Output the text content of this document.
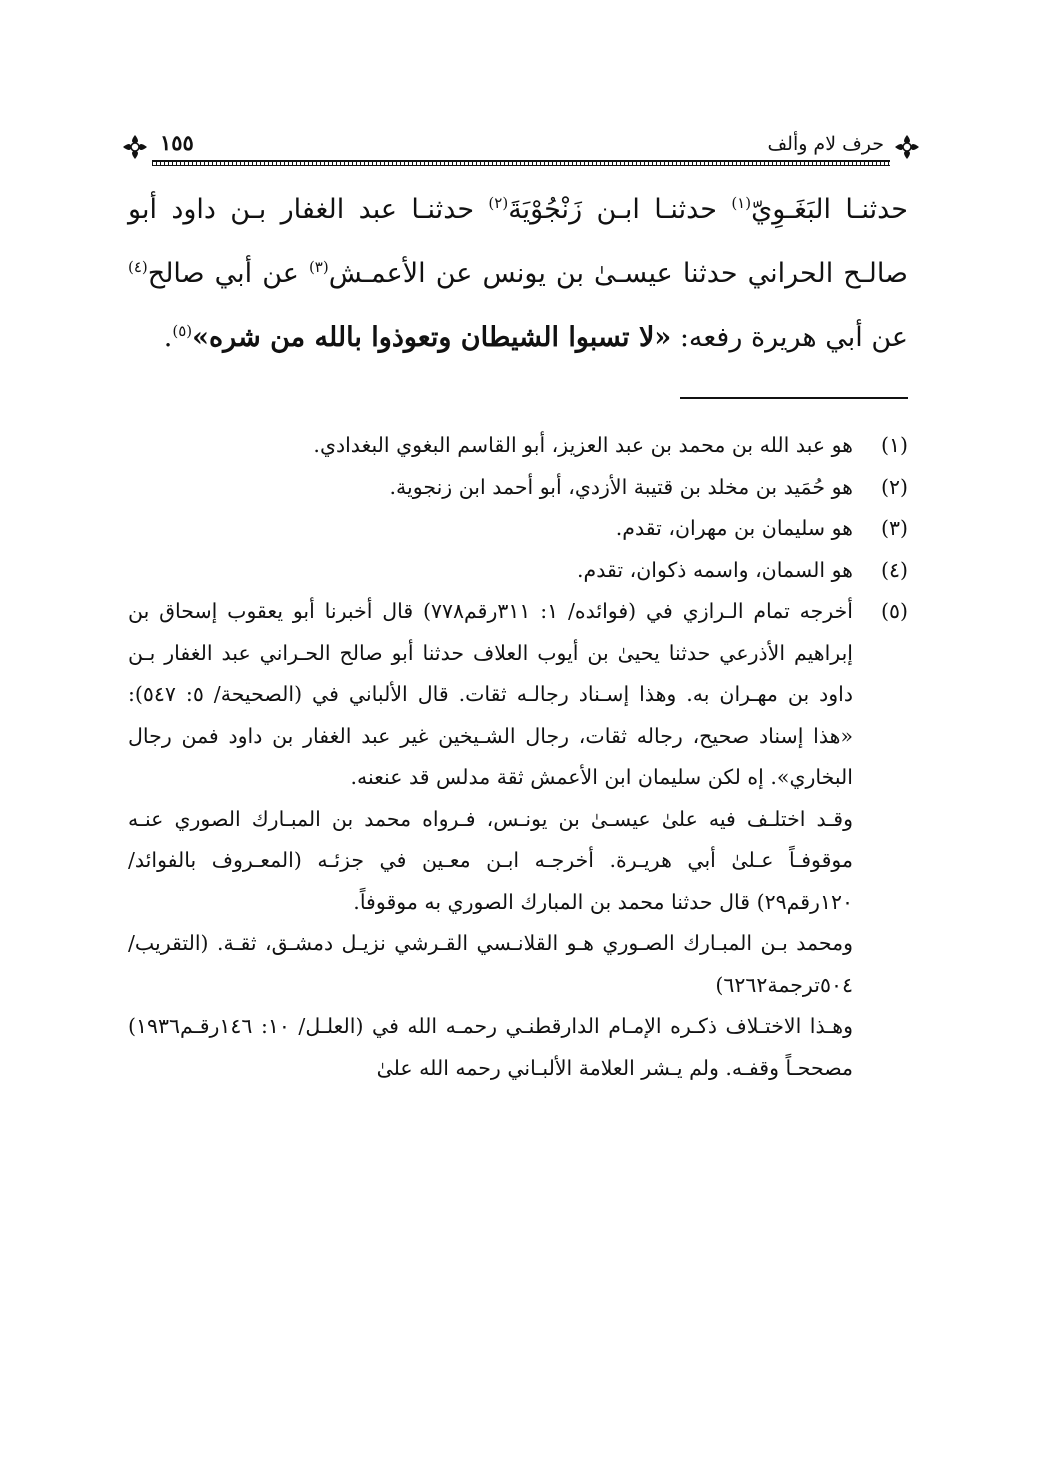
حرف لام وألف
١٥٥

حدثنـا البَغَـوِيّ$^{(١)}$ حدثنـا ابـن زَنْجُوْيَةَ$^{(٢)}$ حدثنـا عبد الغفار بـن داود أبو صالـح الحراني حدثنا عيسـىٰ بن يونس عن الأعمـش$^{(٣)}$ عن أبي صالح$^{(٤)}$ عن أبي هريرة رفعه: «لا تسبوا الشيطان وتعوذوا بالله من شره»$^{(٥)}$.

(١)
هو عبد الله بن محمد بن عبد العزيز، أبو القاسم البغوي البغدادي.
(٢)
هو حُمَيد بن مخلد بن قتيبة الأزدي، أبو أحمد ابن زنجوية.
(٣)
هو سليمان بن مهران، تقدم.
(٤)
هو السمان، واسمه ذكوان، تقدم.
(٥)
أخرجه تمام الـرازي في (فوائده/ ١: ٣١١رقم٧٧٨) قال أخبرنا أبو يعقوب إسحاق بن إبراهيم الأذرعي حدثنا يحيىٰ بن أيوب العلاف حدثنا أبو صالح الحـراني عبد الغفار بـن داود بن مهـران به. وهذا إسـناد رجالـه ثقات. قال الألباني في (الصحيحة/ ٥: ٥٤٧): «هذا إسناد صحيح، رجاله ثقات، رجال الشـيخين غير عبد الغفار بن داود فمن رجال البخاري». إه لكن سليمان ابن الأعمش ثقة مدلس قد عنعنه.

وقـد اختلـف فيه علىٰ عيسـىٰ بن يونـس، فـرواه محمد بن المبـارك الصوري عنـه موقوفـاً عـلىٰ أبي هريـرة. أخرجـه ابـن معـين في جزئـه (المعـروف بالفوائد/ ١٢٠رقم٢٩) قال حدثنا محمد بن المبارك الصوري به موقوفاً.

ومحمد بـن المبـارك الصـوري هـو القلانـسي القـرشي نزيـل دمشـق، ثقـة. (التقريب/ ٥٠٤ترجمة٦٢٦٢)

وهـذا الاختـلاف ذكـره الإمـام الدارقطنـي رحمـه الله في (العلـل/ ١٠: ١٤٦رقـم١٩٣٦) مصححـاً وقفـه. ولم يـشر العلامة الألبـاني رحمه الله علىٰ
